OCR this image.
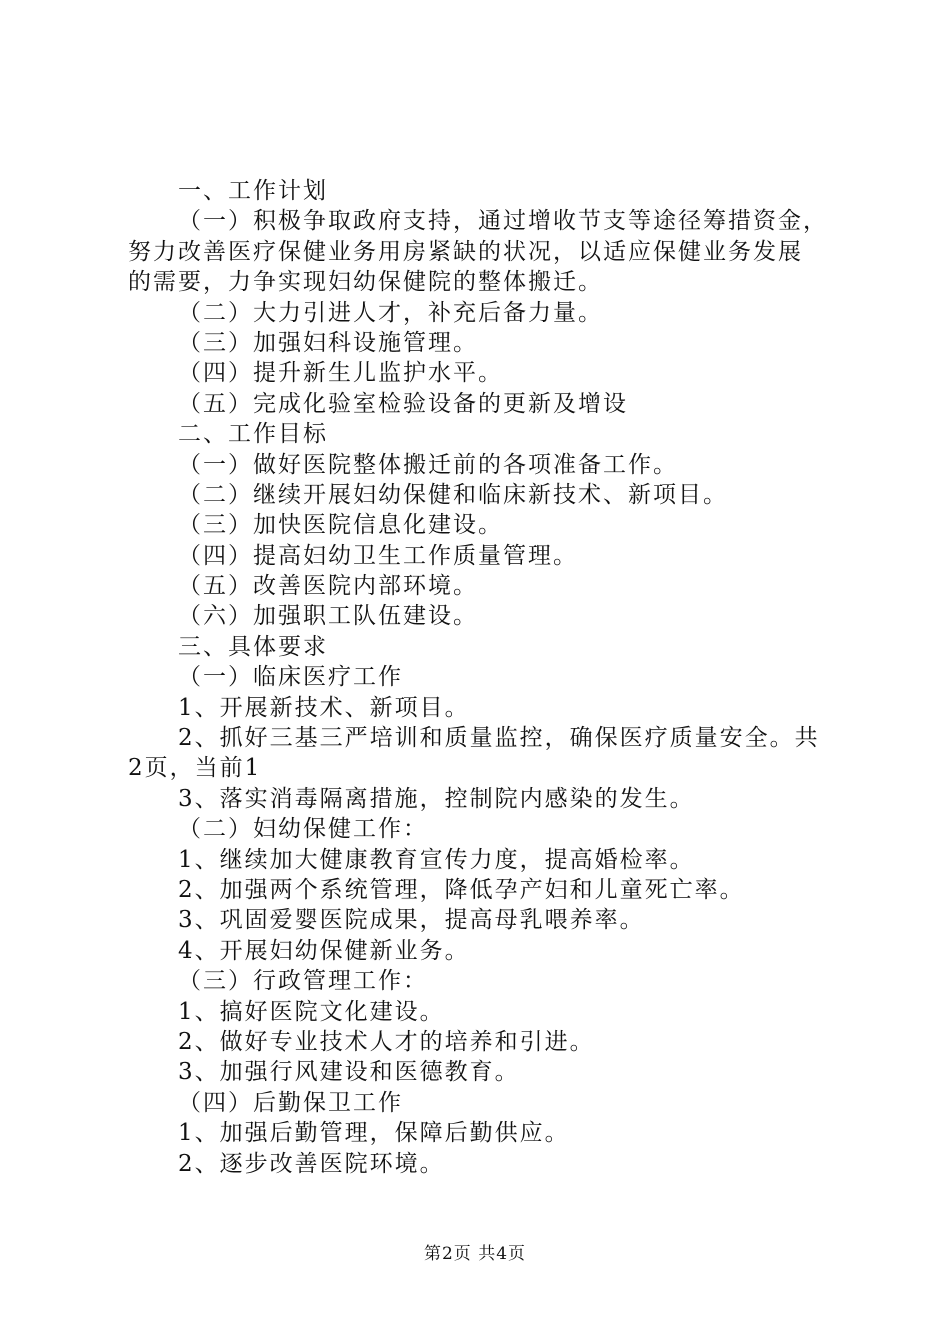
一、工作计划
（一）积极争取政府支持，通过增收节支等途径筹措资金，
努力改善医疗保健业务用房紧缺的状况，以适应保健业务发展
的需要，力争实现妇幼保健院的整体搬迁。
（二）大力引进人才，补充后备力量。
（三）加强妇科设施管理。
（四）提升新生儿监护水平。
（五）完成化验室检验设备的更新及增设
二、工作目标
（一）做好医院整体搬迁前的各项准备工作。
（二）继续开展妇幼保健和临床新技术、新项目。
（三）加快医院信息化建设。
（四）提高妇幼卫生工作质量管理。
（五）改善医院内部环境。
（六）加强职工队伍建设。
三、具体要求
（一）临床医疗工作
1、开展新技术、新项目。
2、抓好三基三严培训和质量监控，确保医疗质量安全。共
2页，当前1
3、落实消毒隔离措施，控制院内感染的发生。
（二）妇幼保健工作：
1、继续加大健康教育宣传力度，提高婚检率。
2、加强两个系统管理，降低孕产妇和儿童死亡率。
3、巩固爱婴医院成果，提高母乳喂养率。
4、开展妇幼保健新业务。
（三）行政管理工作：
1、搞好医院文化建设。
2、做好专业技术人才的培养和引进。
3、加强行风建设和医德教育。
（四）后勤保卫工作
1、加强后勤管理，保障后勤供应。
2、逐步改善医院环境。
第2页 共4页
